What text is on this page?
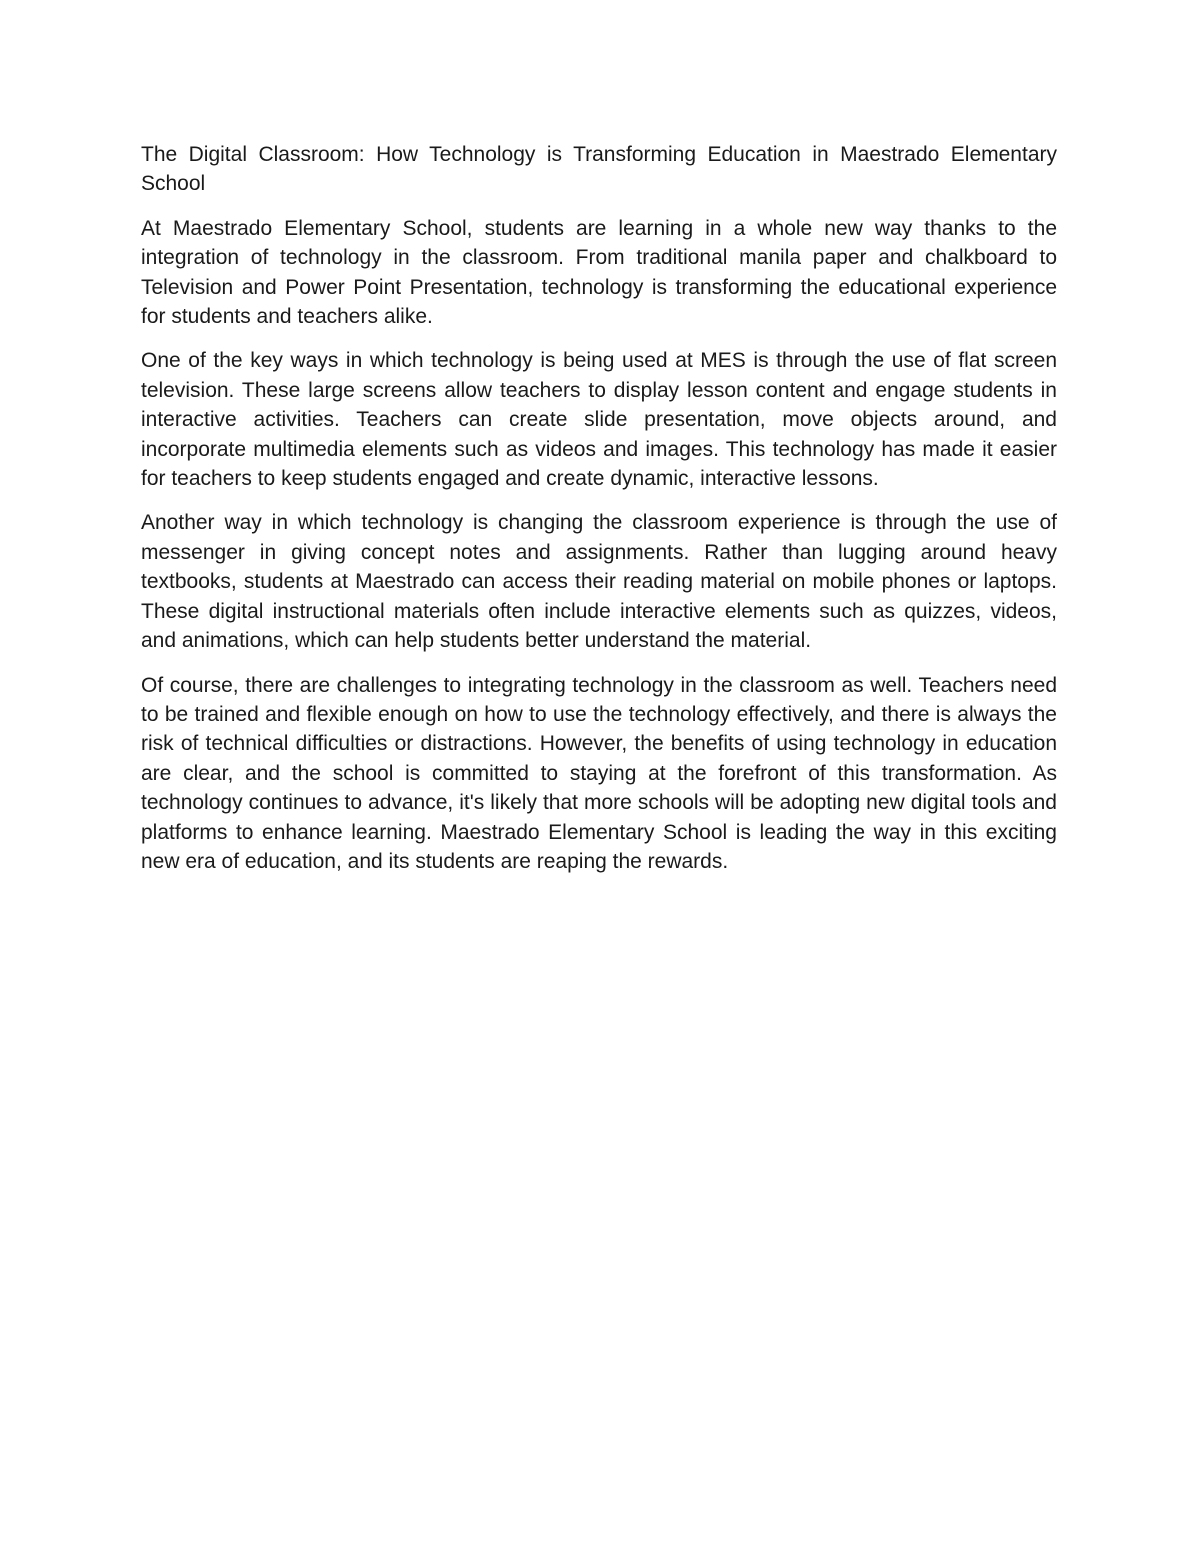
The Digital Classroom: How Technology is Transforming Education in Maestrado Elementary School

At Maestrado Elementary School, students are learning in a whole new way thanks to the integration of technology in the classroom. From traditional manila paper and chalkboard to Television and Power Point Presentation, technology is transforming the educational experience for students and teachers alike.

One of the key ways in which technology is being used at MES is through the use of flat screen television. These large screens allow teachers to display lesson content and engage students in interactive activities. Teachers can create slide presentation, move objects around, and incorporate multimedia elements such as videos and images. This technology has made it easier for teachers to keep students engaged and create dynamic, interactive lessons.

Another way in which technology is changing the classroom experience is through the use of messenger in giving concept notes and assignments. Rather than lugging around heavy textbooks, students at Maestrado can access their reading material on mobile phones or laptops. These digital instructional materials often include interactive elements such as quizzes, videos, and animations, which can help students better understand the material.

Of course, there are challenges to integrating technology in the classroom as well. Teachers need to be trained and flexible enough on how to use the technology effectively, and there is always the risk of technical difficulties or distractions. However, the benefits of using technology in education are clear, and the school is committed to staying at the forefront of this transformation. As technology continues to advance, it's likely that more schools will be adopting new digital tools and platforms to enhance learning. Maestrado Elementary School is leading the way in this exciting new era of education, and its students are reaping the rewards.
